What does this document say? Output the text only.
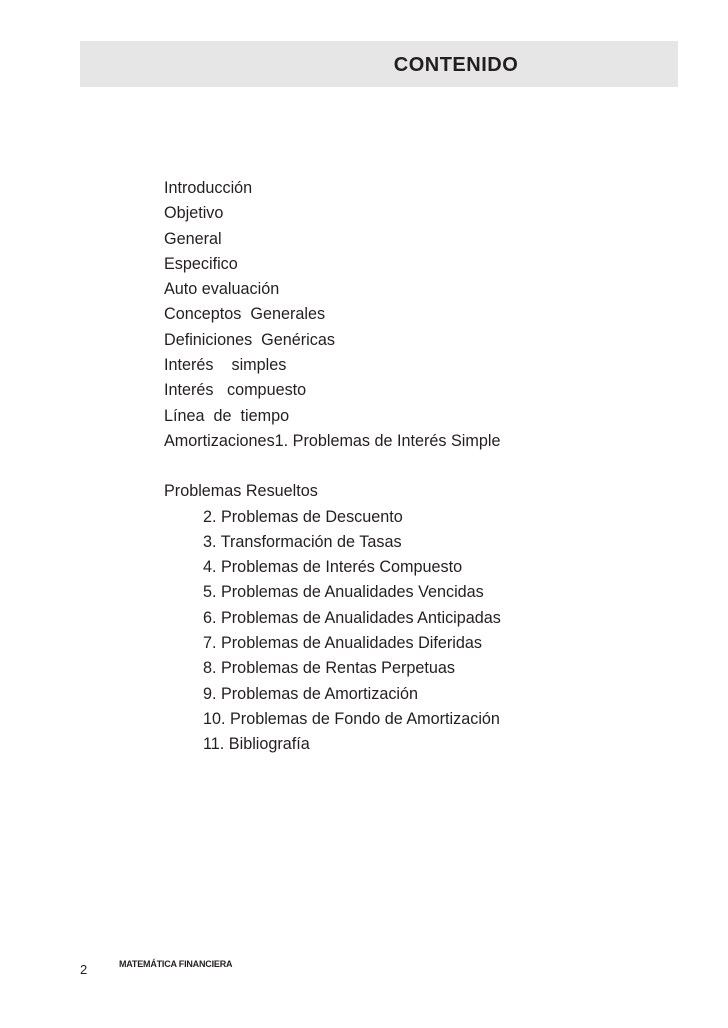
CONTENIDO
Introducción
Objetivo
General
Especifico
Auto evaluación
Conceptos  Generales
Definiciones  Genéricas
Interés    simples
Interés   compuesto
Línea  de  tiempo
Amortizaciones1. Problemas de Interés Simple
Problemas Resueltos
2. Problemas de Descuento
3. Transformación de Tasas
4. Problemas de Interés Compuesto
5. Problemas de Anualidades Vencidas
6. Problemas de Anualidades Anticipadas
7. Problemas de Anualidades Diferidas
8. Problemas de Rentas Perpetuas
9. Problemas de Amortización
10. Problemas de Fondo de Amortización
11. Bibliografía
2	MATEMÁTICA FINANCIERA
